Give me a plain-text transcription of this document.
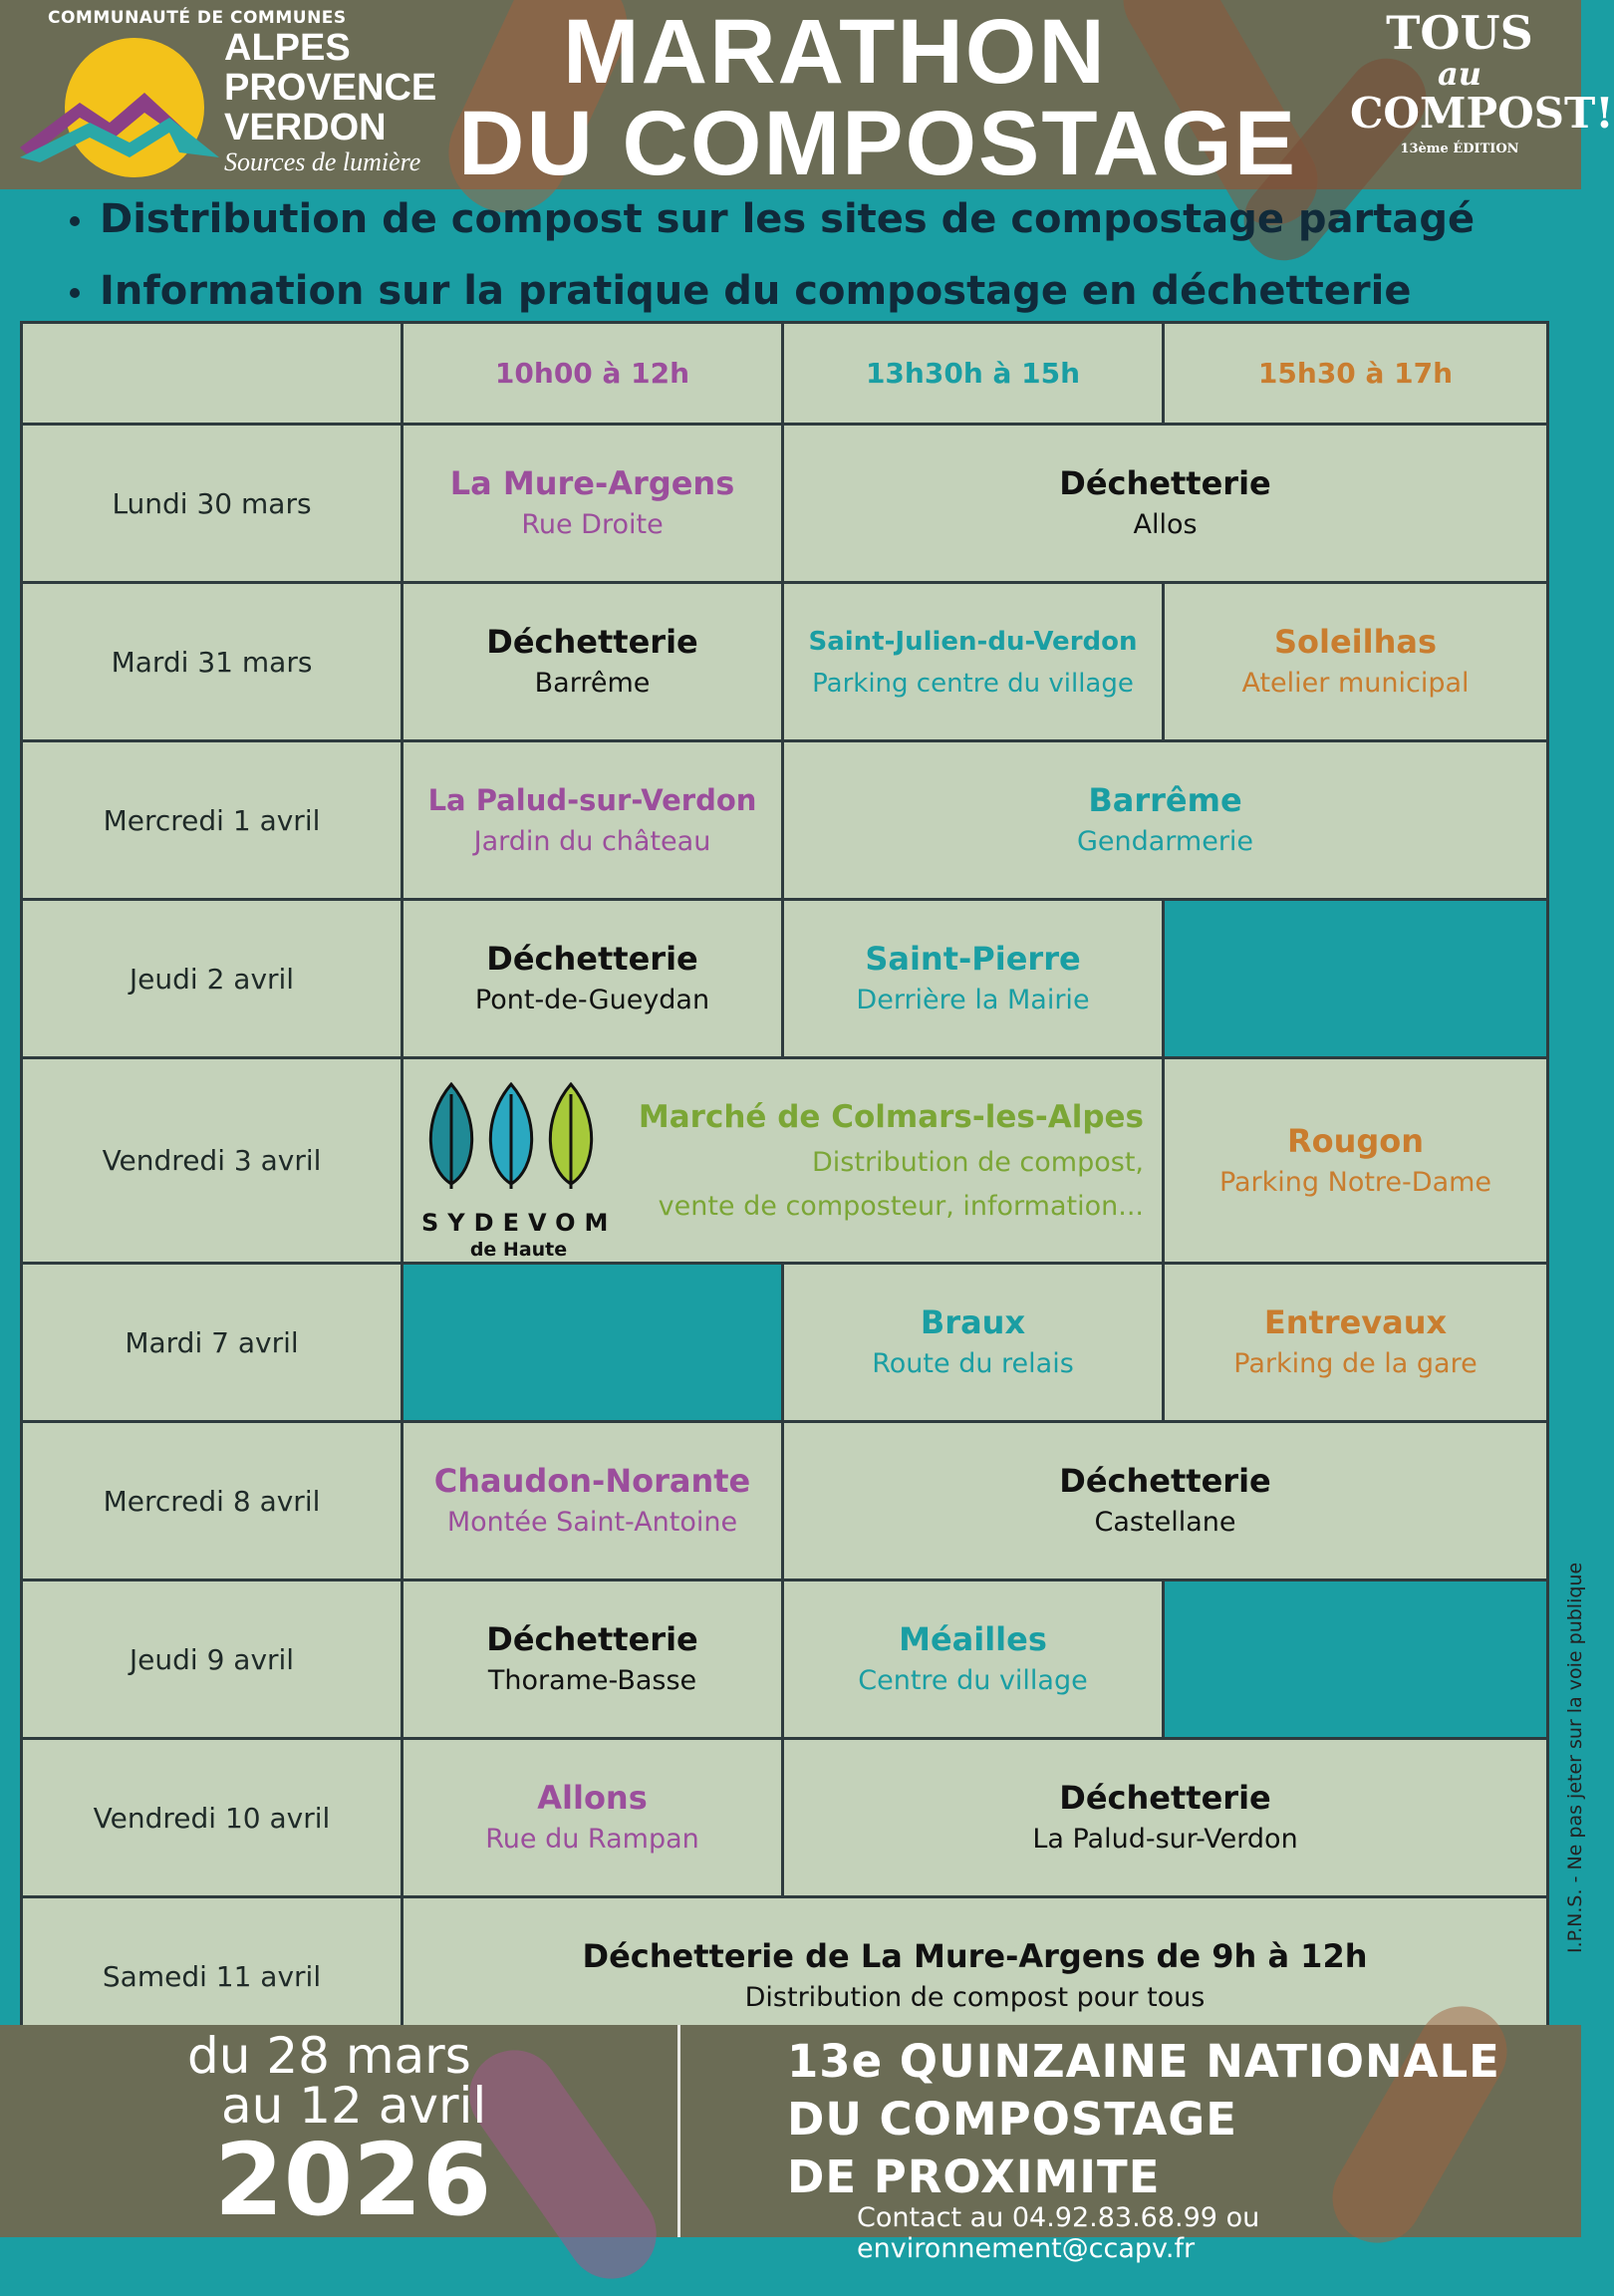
COMMUNAUTÉ DE COMMUNES
ALPES
PROVENCE
VERDON
Sources de lumière
MARATHON
DU COMPOSTAGE
TOUS
au
COMPOST!
13ème ÉDITION
Distribution de compost sur les sites de compostage partagé
Information sur la pratique du compostage en déchetterie
10h00 à 12h	13h30h à 15h	15h30 à 17h
Lundi 30 mars
La Mure-Argens
Rue Droite
Déchetterie
Allos
Mardi 31 mars
Déchetterie
Barrême
Saint-Julien-du-Verdon
Parking centre du village
Soleilhas
Atelier municipal
Mercredi 1 avril
La Palud-sur-Verdon
Jardin du château
Barrême
Gendarmerie
Jeudi 2 avril
Déchetterie
Pont-de-Gueydan
Saint-Pierre
Derrière la Mairie
Vendredi 3 avril
SYDEVOM
de Haute
Marché de Colmars-les-Alpes
Distribution de compost,
vente de composteur, information...
Rougon
Parking Notre-Dame
Mardi 7 avril
Braux
Route du relais
Entrevaux
Parking de la gare
Mercredi 8 avril
Chaudon-Norante
Montée Saint-Antoine
Déchetterie
Castellane
Jeudi 9 avril
Déchetterie
Thorame-Basse
Méailles
Centre du village
Vendredi 10 avril
Allons
Rue du Rampan
Déchetterie
La Palud-sur-Verdon
Samedi 11 avril
Déchetterie de La Mure-Argens de 9h à 12h
Distribution de compost pour tous
I.P.N.S. - Ne pas jeter sur la voie publique
du 28 mars
au 12 avril
2026
13e QUINZAINE NATIONALE
DU COMPOSTAGE
DE PROXIMITE
Contact au 04.92.83.68.99 ou environnement@ccapv.fr
